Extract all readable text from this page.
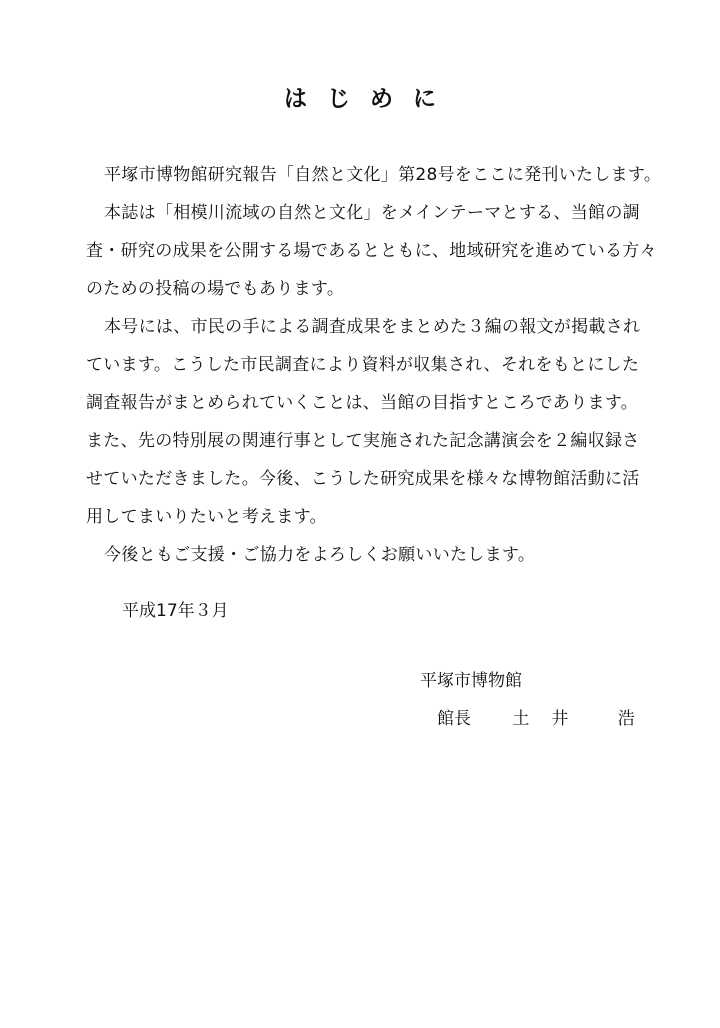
はじめに
平塚市博物館研究報告「自然と文化」第28号をここに発刊いたします。
本誌は「相模川流域の自然と文化」をメインテーマとする、当館の調
査・研究の成果を公開する場であるとともに、地域研究を進めている方々
のための投稿の場でもあります。
本号には、市民の手による調査成果をまとめた３編の報文が掲載され
ています。こうした市民調査により資料が収集され、それをもとにした
調査報告がまとめられていくことは、当館の目指すところであります。
また、先の特別展の関連行事として実施された記念講演会を２編収録さ
せていただきました。今後、こうした研究成果を様々な博物館活動に活
用してまいりたいと考えます。
今後ともご支援・ご協力をよろしくお願いいたします。
平成17年３月
平塚市博物館
館長 土井 浩
